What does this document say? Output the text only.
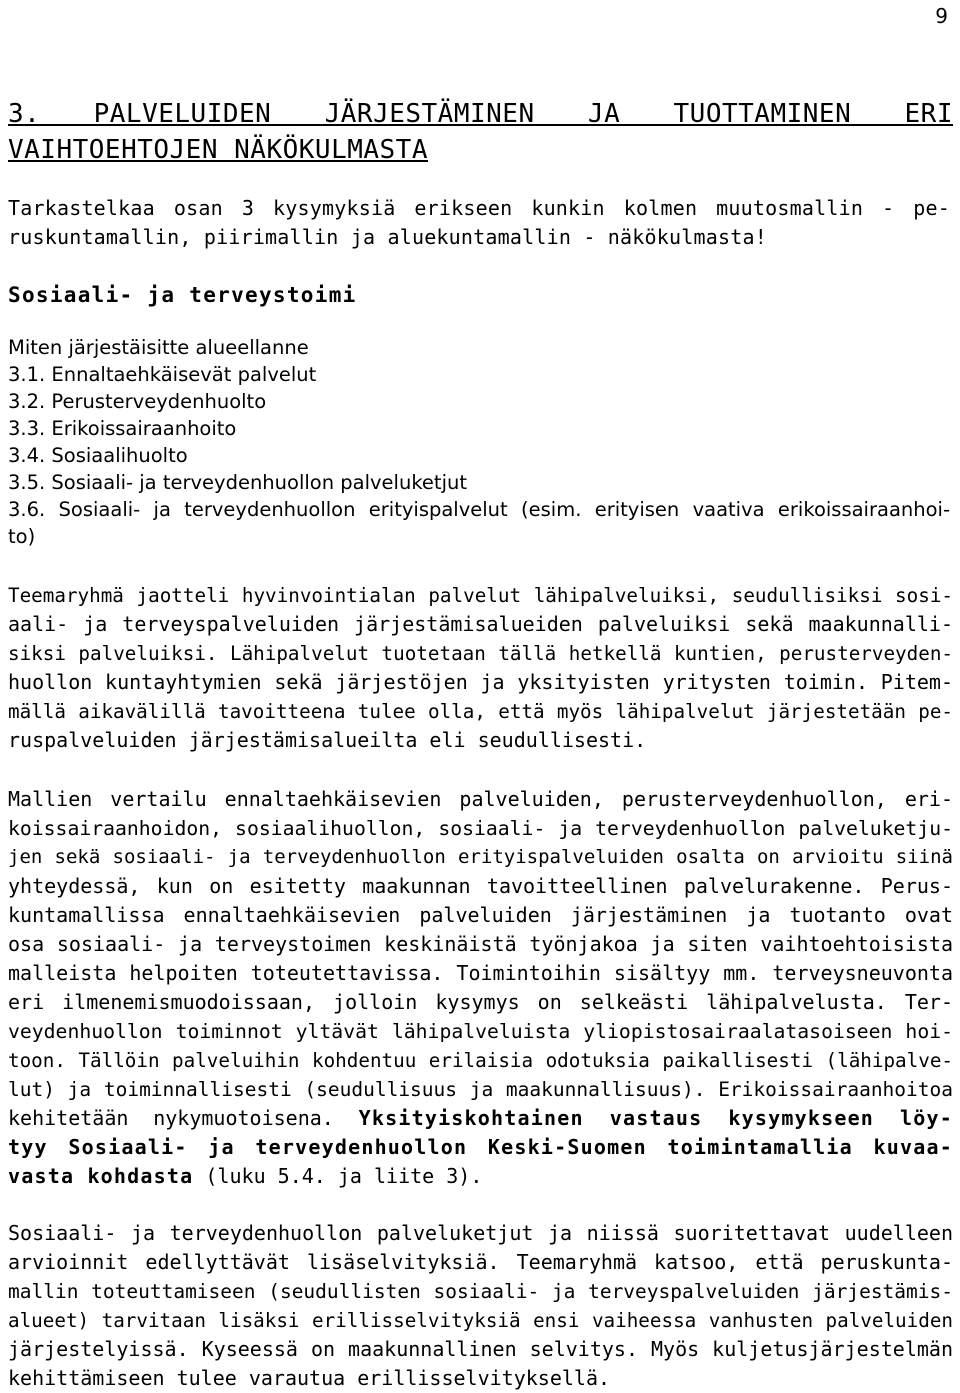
9
3. PALVELUIDEN JÄRJESTÄMINEN JA TUOTTAMINEN ERI
VAIHTOEHTOJEN NÄKÖKULMASTA
Tarkastelkaa osan 3 kysymyksiä erikseen kunkin kolmen muutosmallin - pe-
ruskuntamallin, piirimallin ja aluekuntamallin - näkökulmasta!
Sosiaali- ja terveystoimi
Miten järjestäisitte alueellanne
3.1. Ennaltaehkäisevät palvelut
3.2. Perusterveydenhuolto
3.3. Erikoissairaanhoito
3.4. Sosiaalihuolto
3.5. Sosiaali- ja terveydenhuollon palveluketjut
3.6. Sosiaali- ja terveydenhuollon erityispalvelut (esim. erityisen vaativa erikoissairaanhoi-
to)
Teemaryhmä jaotteli hyvinvointialan palvelut lähipalveluiksi, seudullisiksi sosi-
aali- ja terveyspalveluiden järjestämisalueiden palveluiksi sekä maakunnalli-
siksi palveluiksi. Lähipalvelut tuotetaan tällä hetkellä kuntien, perusterveyden-
huollon kuntayhtymien sekä järjestöjen ja yksityisten yritysten toimin. Pitem-
mällä aikavälillä tavoitteena tulee olla, että myös lähipalvelut järjestetään pe-
ruspalveluiden järjestämisalueilta eli seudullisesti.
Mallien vertailu ennaltaehkäisevien palveluiden, perusterveydenhuollon, eri-
koissairaanhoidon, sosiaalihuollon, sosiaali- ja terveydenhuollon palveluketju-
jen sekä sosiaali- ja terveydenhuollon erityispalveluiden osalta on arvioitu siinä
yhteydessä, kun on esitetty maakunnan tavoitteellinen palvelurakenne. Perus-
kuntamallissa ennaltaehkäisevien palveluiden järjestäminen ja tuotanto ovat
osa sosiaali- ja terveystoimen keskinäistä työnjakoa ja siten vaihtoehtoisista
malleista helpoiten toteutettavissa. Toimintoihin sisältyy mm. terveysneuvonta
eri ilmenemismuodoissaan, jolloin kysymys on selkeästi lähipalvelusta. Ter-
veydenhuollon toiminnot yltävät lähipalveluista yliopistosairaalatasoiseen hoi-
toon. Tällöin palveluihin kohdentuu erilaisia odotuksia paikallisesti (lähipalve-
lut) ja toiminnallisesti (seudullisuus ja maakunnallisuus). Erikoissairaanhoitoa
kehitetään nykymuotoisena. Yksityiskohtainen vastaus kysymykseen löy-
tyy Sosiaali- ja terveydenhuollon Keski-Suomen toimintamallia kuvaa-
vasta kohdasta (luku 5.4. ja liite 3).
Sosiaali- ja terveydenhuollon palveluketjut ja niissä suoritettavat uudelleen
arvioinnit edellyttävät lisäselvityksiä. Teemaryhmä katsoo, että peruskunta-
mallin toteuttamiseen (seudullisten sosiaali- ja terveyspalveluiden järjestämis-
alueet) tarvitaan lisäksi erillisselvityksiä ensi vaiheessa vanhusten palveluiden
järjestelyissä. Kyseessä on maakunnallinen selvitys. Myös kuljetusjärjestelmän
kehittämiseen tulee varautua erillisselvityksellä.
